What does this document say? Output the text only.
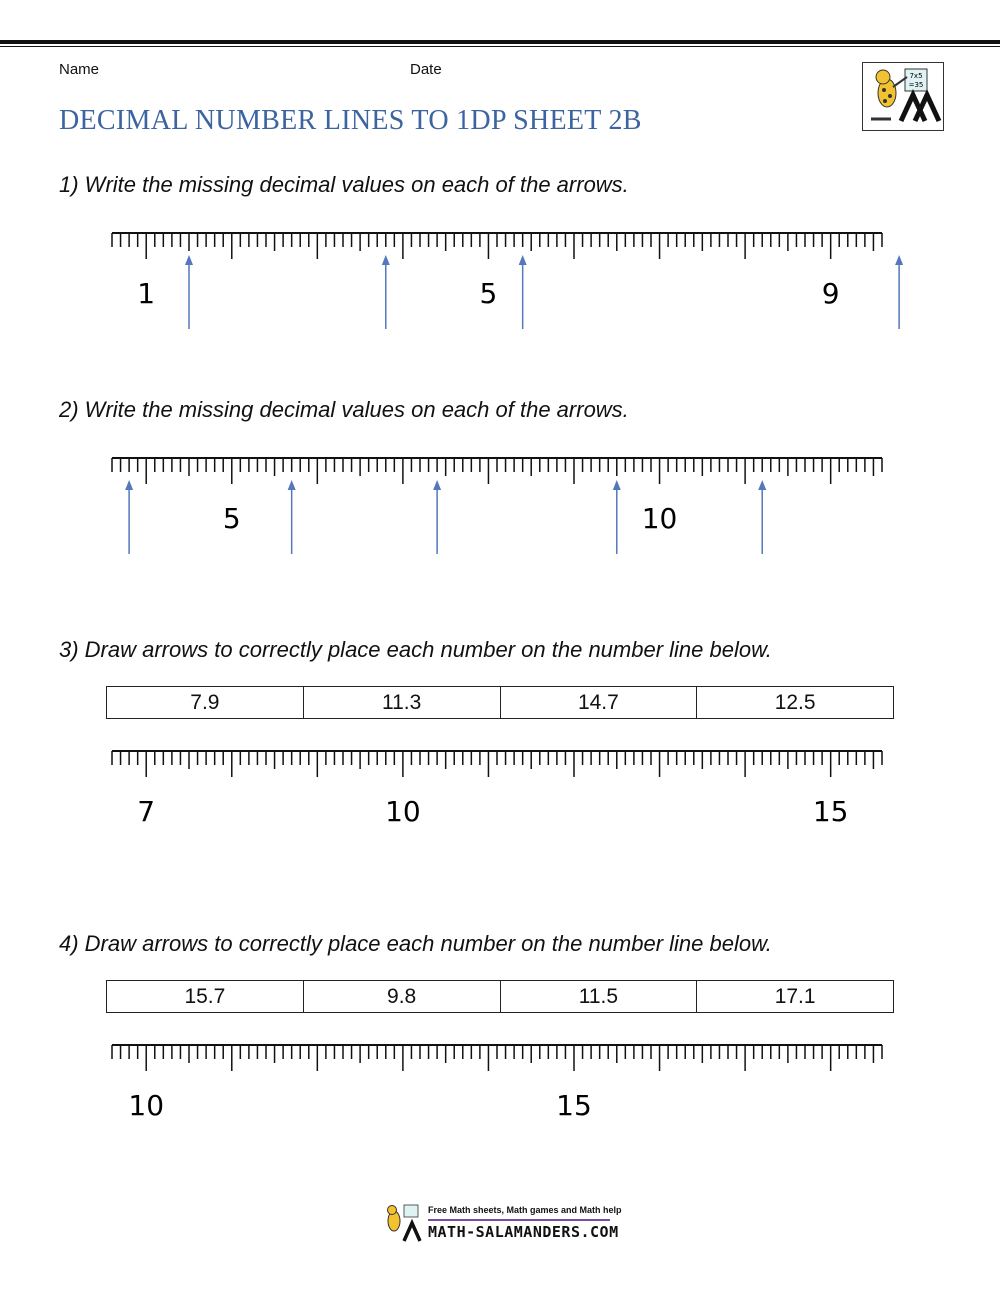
Name	Date
DECIMAL NUMBER LINES TO 1DP SHEET 2B
7x5
=35
1) Write the missing decimal values on each of the arrows.
1	5	9
2) Write the missing decimal values on each of the arrows.
5	10
3) Draw arrows to correctly place each number on the number line below.
7.9	11.3	14.7	12.5
7	10	15
4) Draw arrows to correctly place each number on the number line below.
15.7	9.8	11.5	17.1
10	15
Free Math sheets, Math games and Math help
MATH-SALAMANDERS.COM
